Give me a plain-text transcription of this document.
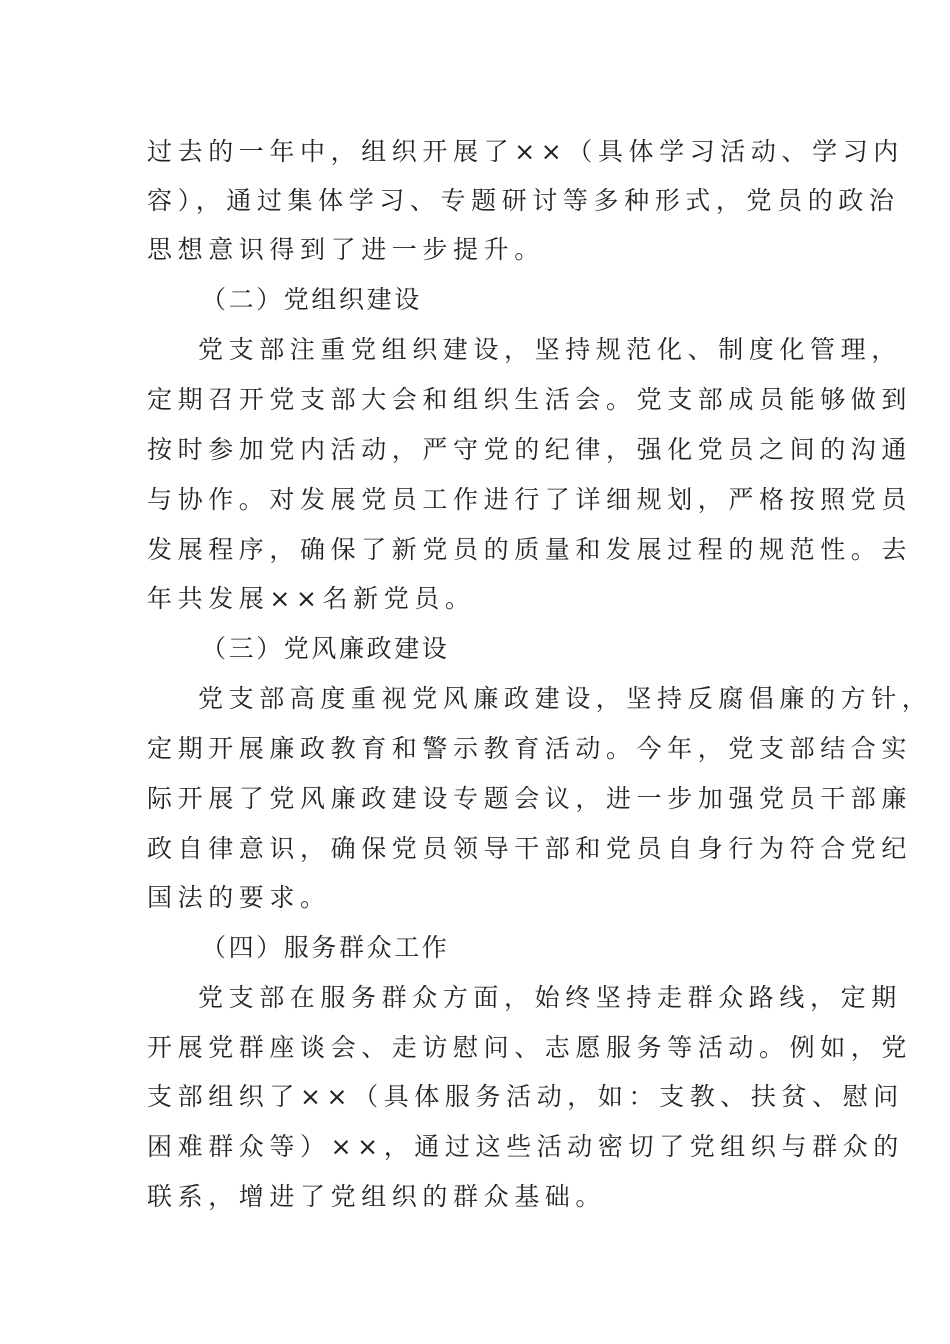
过去的一年中，组织开展了××（具体学习活动、学习内
容），通过集体学习、专题研讨等多种形式，党员的政治
思想意识得到了进一步提升。
（二）党组织建设
党支部注重党组织建设，坚持规范化、制度化管理，
定期召开党支部大会和组织生活会。党支部成员能够做到
按时参加党内活动，严守党的纪律，强化党员之间的沟通
与协作。对发展党员工作进行了详细规划，严格按照党员
发展程序，确保了新党员的质量和发展过程的规范性。去
年共发展××名新党员。
（三）党风廉政建设
党支部高度重视党风廉政建设，坚持反腐倡廉的方针，
定期开展廉政教育和警示教育活动。今年，党支部结合实
际开展了党风廉政建设专题会议，进一步加强党员干部廉
政自律意识，确保党员领导干部和党员自身行为符合党纪
国法的要求。
（四）服务群众工作
党支部在服务群众方面，始终坚持走群众路线，定期
开展党群座谈会、走访慰问、志愿服务等活动。例如，党
支部组织了××（具体服务活动，如：支教、扶贫、慰问
困难群众等）××，通过这些活动密切了党组织与群众的
联系，增进了党组织的群众基础。
